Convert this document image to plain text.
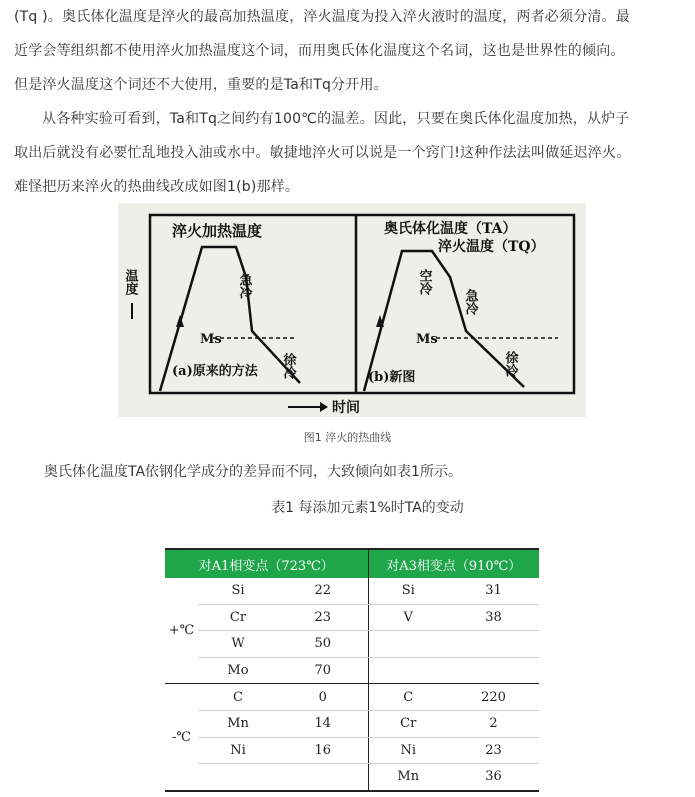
(Tq )。奥氏体化温度是淬火的最高加热温度，淬火温度为投入淬火液时的温度，两者必须分清。最
近学会等组织都不使用淬火加热温度这个词，而用奥氏体化温度这个名词，这也是世界性的倾向。
但是淬火温度这个词还不大使用，重要的是Ta和Tq分开用。
从各种实验可看到，Ta和Tq之间约有100℃的温差。因此，只要在奥氏体化温度加热，从炉子
取出后就没有必要忙乱地投入油或水中。敏捷地淬火可以说是一个窍门!这种作法法叫做延迟淬火。
难怪把历来淬火的热曲线改成如图1(b)那样。
淬火加热温度
急冷
Ms
徐冷
(a)原来的方法
奥氏体化温度（TA）
淬火温度（TQ）
空冷
急冷
Ms
徐冷
(b)新图
温度
时间
图1 淬火的热曲线
奥氏体化温度TA依钢化学成分的差异而不同，大致倾向如表1所示。
表1 每添加元素1%时TA的变动
对A1相变点（723℃）			对A3相变点（910℃）	
+℃	Si	22	Si	31
	Cr	23	V	38
	W	50		
	Mo	70		
-℃	C	0	C	220
	Mn	14	Cr	2
	Ni	16	Ni	23
			Mn	36
